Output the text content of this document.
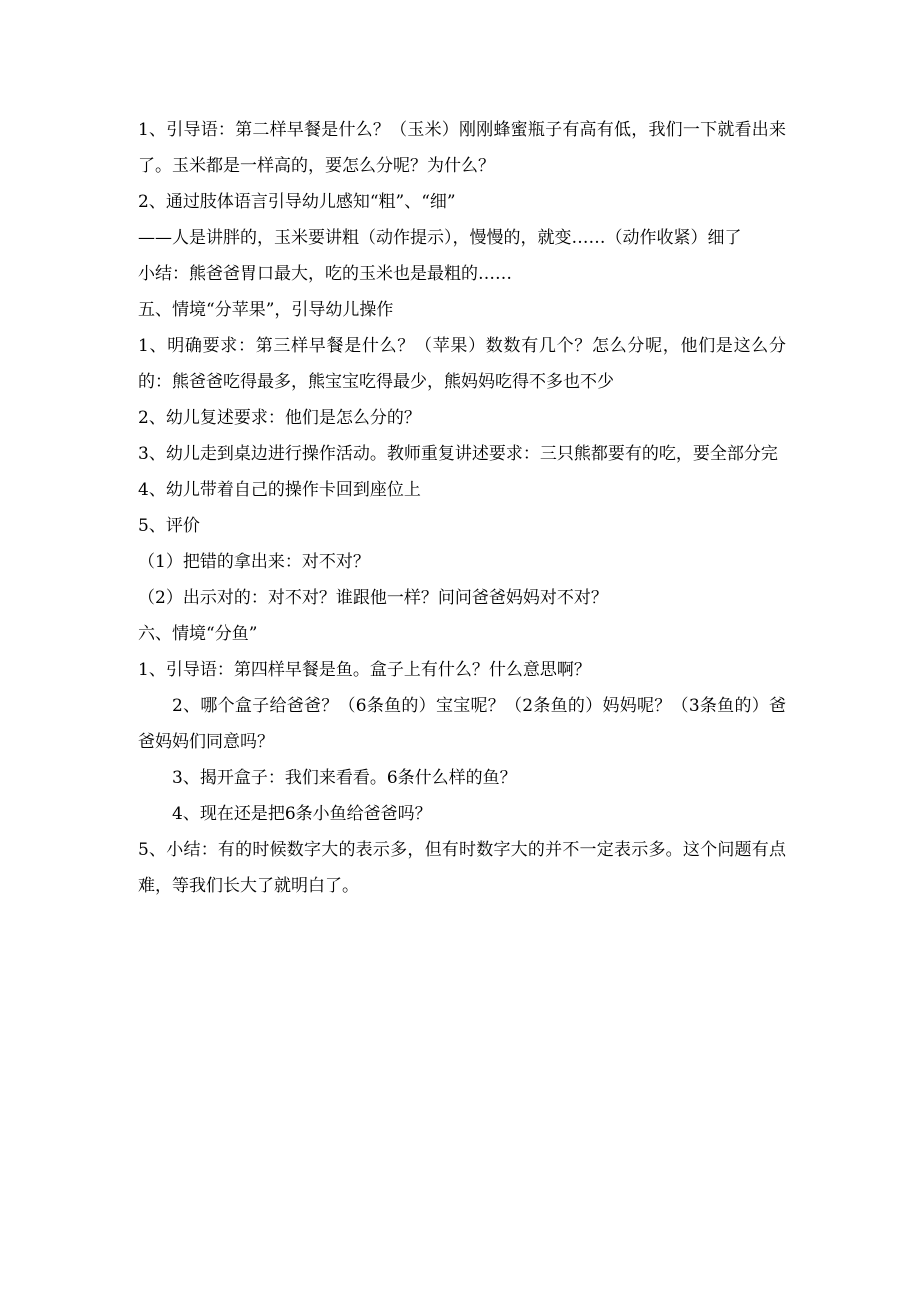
1、引导语：第二样早餐是什么？（玉米）刚刚蜂蜜瓶子有高有低，我们一下就看出来了。玉米都是一样高的，要怎么分呢？为什么？

2、通过肢体语言引导幼儿感知“粗”、“细”

——人是讲胖的，玉米要讲粗（动作提示），慢慢的，就变……（动作收紧）细了

小结：熊爸爸胃口最大，吃的玉米也是最粗的……

五、情境“分苹果”，引导幼儿操作

1、明确要求：第三样早餐是什么？（苹果）数数有几个？怎么分呢，他们是这么分的：熊爸爸吃得最多，熊宝宝吃得最少，熊妈妈吃得不多也不少

2、幼儿复述要求：他们是怎么分的？

3、幼儿走到桌边进行操作活动。教师重复讲述要求：三只熊都要有的吃，要全部分完

4、幼儿带着自己的操作卡回到座位上

5、评价

（1）把错的拿出来：对不对？

（2）出示对的：对不对？谁跟他一样？问问爸爸妈妈对不对？

六、情境“分鱼”

1、引导语：第四样早餐是鱼。盒子上有什么？什么意思啊？

2、哪个盒子给爸爸？（6条鱼的）宝宝呢？（2条鱼的）妈妈呢？（3条鱼的）爸爸妈妈们同意吗？

3、揭开盒子：我们来看看。6条什么样的鱼？

4、现在还是把6条小鱼给爸爸吗？

5、小结：有的时候数字大的表示多，但有时数字大的并不一定表示多。这个问题有点难，等我们长大了就明白了。
